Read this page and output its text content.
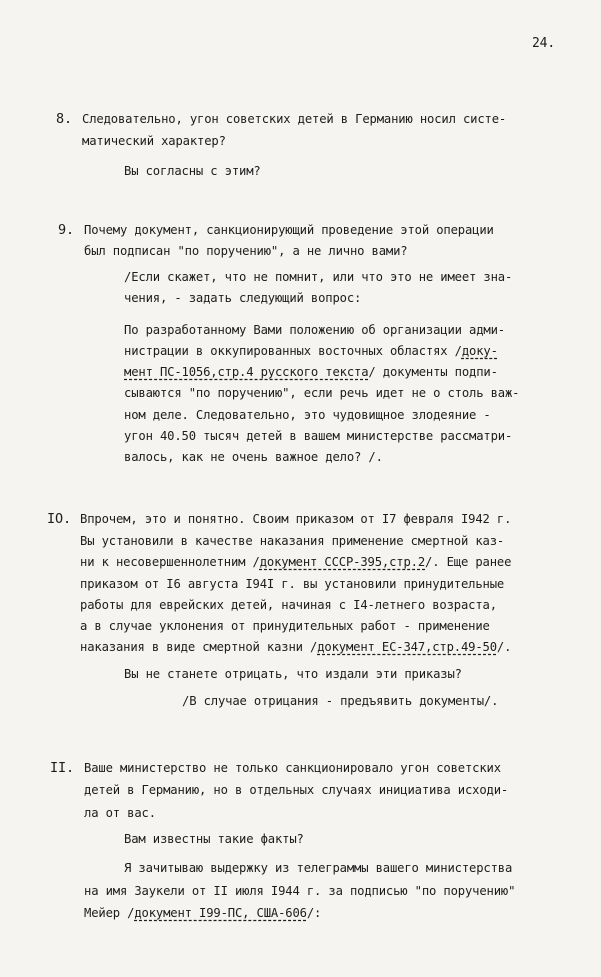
24.
8. Следовательно, угон советских детей в Германию носил систе-
матический характер?
Вы согласны с этим?
9. Почему документ, санкционирующий проведение этой операции
был подписан "по поручению", а не лично вами?
/Если скажет, что не помнит, или что это не имеет зна-
чения, - задать следующий вопрос:
По разработанному Вами положению об организации адми-
нистрации в оккупированных восточных областях /доку-
мент ПС-1056,стр.4 русского текста/ документы подпи-
сываются "по поручению", если речь идет не о столь важ-
ном деле. Следовательно, это чудовищное злодеяние -
угон 40.50 тысяч детей в вашем министерстве рассматри-
валось, как не очень важное дело? /.
IO. Впрочем, это и понятно. Своим приказом от I7 февраля I942 г.
Вы установили в качестве наказания применение смертной каз-
ни к несовершеннолетним /документ СССР-395,стр.2/. Еще ранее
приказом от I6 августа I94I г. вы установили принудительные
работы для еврейских детей, начиная с I4-летнего возраста,
а в случае уклонения от принудительных работ - применение
наказания в виде смертной казни /документ ЕС-347,стр.49-50/.
Вы не станете отрицать, что издали эти приказы?
/В случае отрицания - предъявить документы/.
II. Ваше министерство не только санкционировало угон советских
детей в Германию, но в отдельных случаях инициатива исходи-
ла от вас.
Вам известны такие факты?
Я зачитываю выдержку из телеграммы вашего министерства
на имя Заукели от II июля I944 г. за подписью "по поручению"
Мейер /документ I99-ПС, США-606/:
